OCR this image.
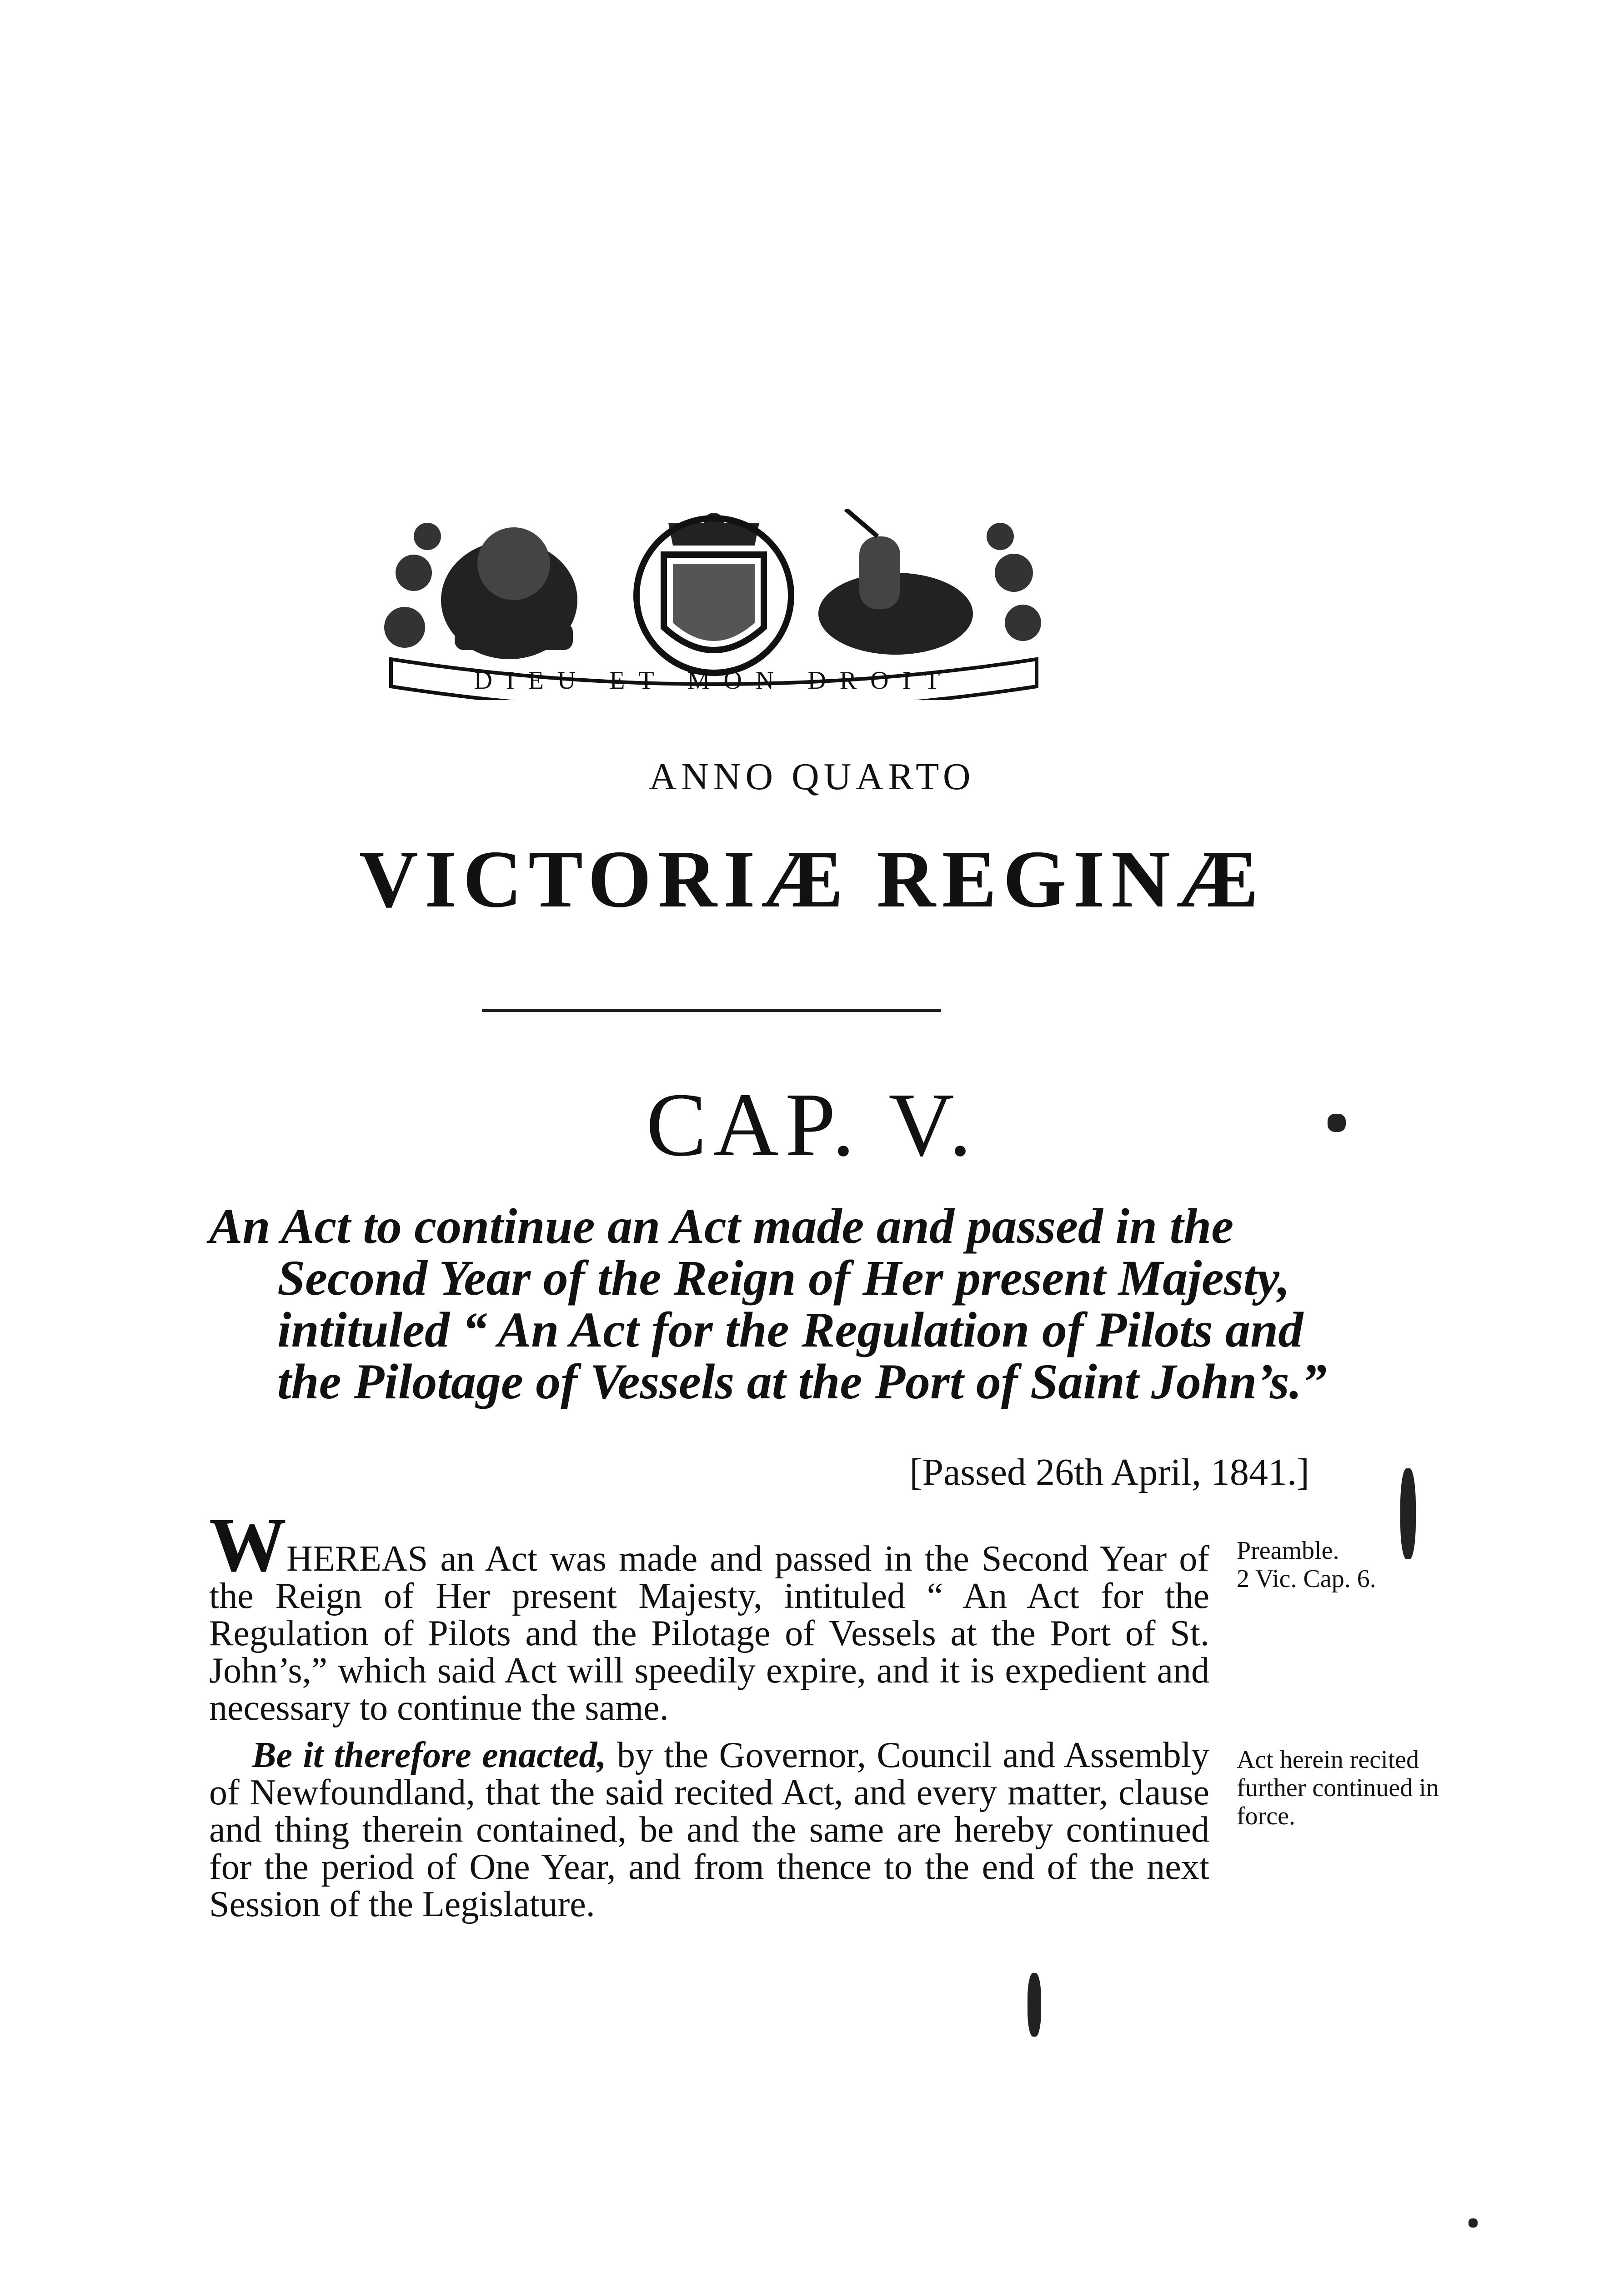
DIEU ET MON DROIT
ANNO QUARTO
VICTORIÆ REGINÆ
CAP. V.
An Act to continue an Act made and passed in the Second Year of the Reign of Her present Majesty, intituled “ An Act for the Regulation of Pilots and the Pilotage of Vessels at the Port of Saint John’s.”
[Passed 26th April, 1841.]
WHEREAS an Act was made and passed in the Second Year of the Reign of Her present Majesty, intituled “ An Act for the Regulation of Pilots and the Pilotage of Vessels at the Port of St. John’s,” which said Act will speedily expire, and it is expedient and necessary to continue the same.
Be it therefore enacted, by the Governor, Council and Assembly of Newfoundland, that the said recited Act, and every matter, clause and thing therein contained, be and the same are hereby continued for the period of One Year, and from thence to the end of the next Session of the Legislature.
Preamble.
2 Vic. Cap. 6.
Act herein recited further continued in force.
